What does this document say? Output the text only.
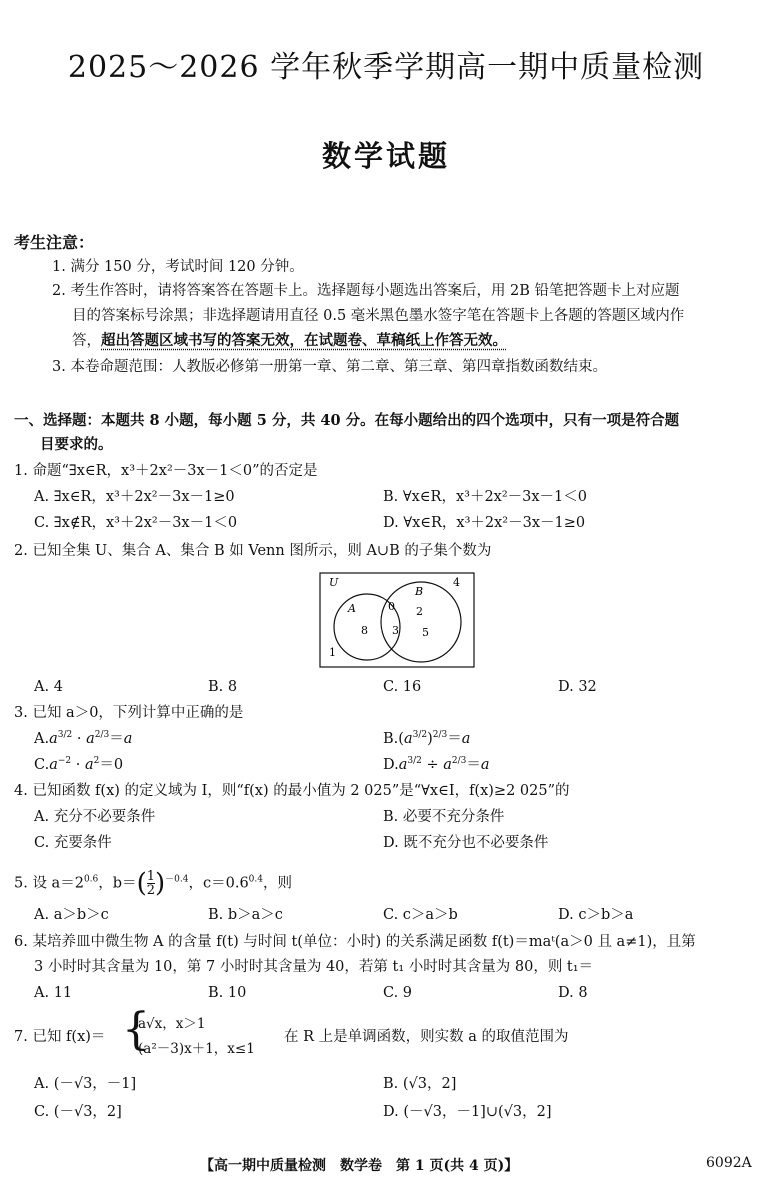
2025～2026 学年秋季学期高一期中质量检测
数学试题
考生注意：
1. 满分 150 分，考试时间 120 分钟。
2. 考生作答时，请将答案答在答题卡上。选择题每小题选出答案后，用 2B 铅笔把答题卡上对应题
目的答案标号涂黑；非选择题请用直径 0.5 毫米黑色墨水签字笔在答题卡上各题的答题区域内作
答，超出答题区域书写的答案无效，在试题卷、草稿纸上作答无效。
3. 本卷命题范围：人教版必修第一册第一章、第二章、第三章、第四章指数函数结束。
一、选择题：本题共 8 小题，每小题 5 分，共 40 分。在每小题给出的四个选项中，只有一项是符合题
目要求的。
1. 命题“∃x∈R，x³＋2x²－3x－1＜0”的否定是
A. ∃x∈R，x³＋2x²－3x－1≥0	B. ∀x∈R，x³＋2x²－3x－1＜0
C. ∃x∉R，x³＋2x²－3x－1＜0	D. ∀x∈R，x³＋2x²－3x－1≥0
2. 已知全集 U、集合 A、集合 B 如 Venn 图所示，则 A∪B 的子集个数为
U
A
B
4
8
0 2
3 5
1
A. 4	B. 8	C. 16	D. 32
3. 已知 a＞0，下列计算中正确的是
$A.a^{3/2} \cdot a^{2/3}=a$	$B.(a^{3/2})^{2/3}=a$
$C.a^{-2} \cdot a^2=0$	$D.a^{3/2} \div a^{2/3}=a$
4. 已知函数 f(x) 的定义域为 I，则“f(x) 的最小值为 2 025”是“∀x∈I，f(x)≥2 025”的
A. 充分不必要条件	B. 必要不充分条件
C. 充要条件	D. 既不充分也不必要条件
5. 设 $a=2^{0.6}$，$b=( \frac{1}{2} )^{-0.4}$，$c=0.6^{0.4}$，则
A. a＞b＞c	B. b＞a＞c	C. c＞a＞b	D. c＞b＞a
6. 某培养皿中微生物 A 的含量 f(t) 与时间 t(单位：小时) 的关系满足函数 f(t)＝maᵗ(a＞0 且 a≠1)，且第
3 小时时其含量为 10，第 7 小时时其含量为 40，若第 t₁ 小时时其含量为 80，则 t₁＝
A. 11	B. 10	C. 9	D. 8
7. 已知 f(x)＝ {
a√x，x＞1
(a²－3)x＋1，x≤1
在 R 上是单调函数，则实数 a 的取值范围为
A. (－√3，－1]	B. (√3，2]
C. (－√3，2]	D. (－√3，－1]∪(√3，2]
【高一期中质量检测　数学卷　第 1 页(共 4 页)】	6092A
